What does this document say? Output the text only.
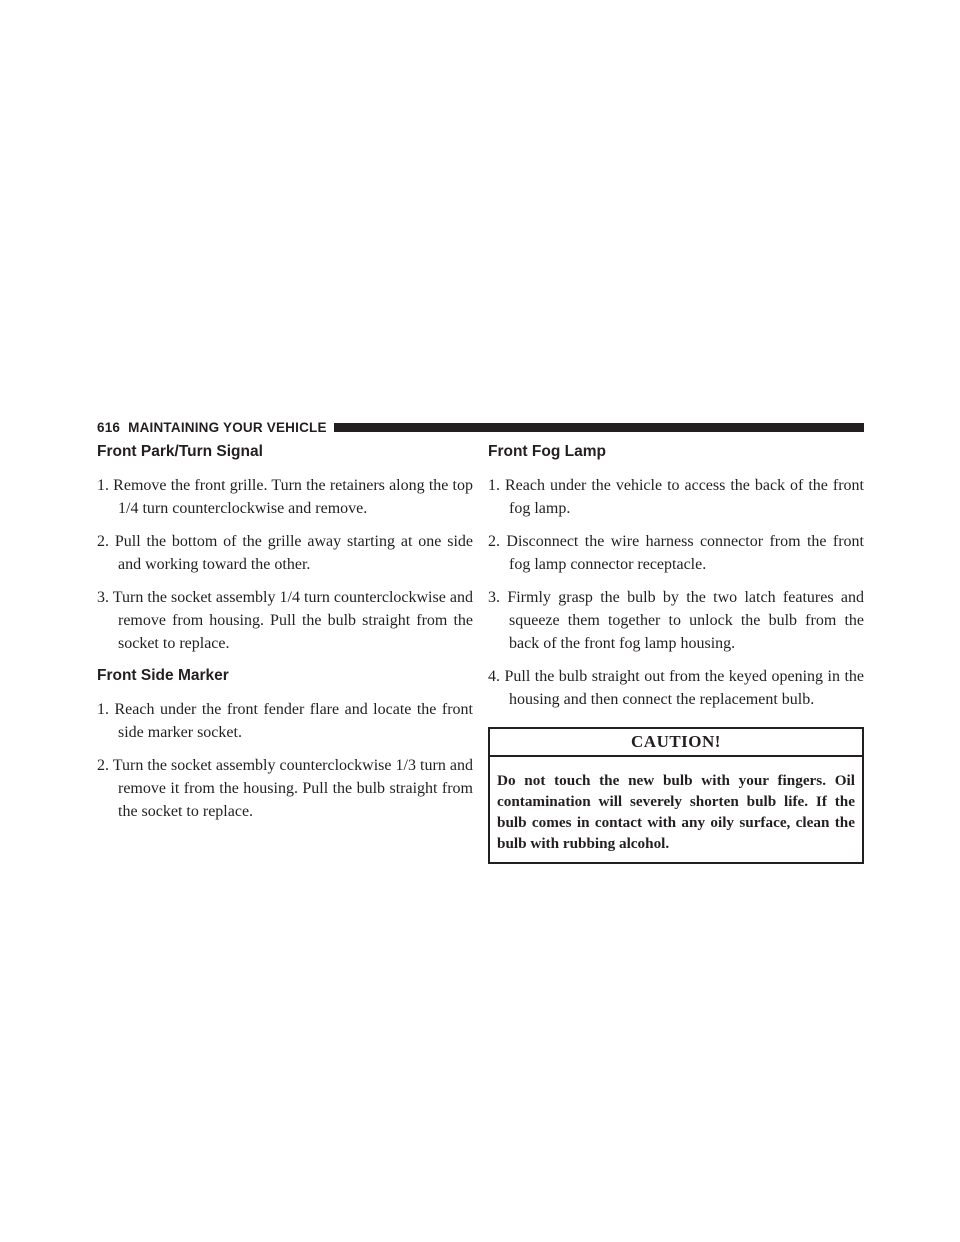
616 MAINTAINING YOUR VEHICLE
Front Park/Turn Signal
1. Remove the front grille. Turn the retainers along the top 1/4 turn counterclockwise and remove.
2. Pull the bottom of the grille away starting at one side and working toward the other.
3. Turn the socket assembly 1/4 turn counterclockwise and remove from housing. Pull the bulb straight from the socket to replace.
Front Side Marker
1. Reach under the front fender flare and locate the front side marker socket.
2. Turn the socket assembly counterclockwise 1/3 turn and remove it from the housing. Pull the bulb straight from the socket to replace.
Front Fog Lamp
1. Reach under the vehicle to access the back of the front fog lamp.
2. Disconnect the wire harness connector from the front fog lamp connector receptacle.
3. Firmly grasp the bulb by the two latch features and squeeze them together to unlock the bulb from the back of the front fog lamp housing.
4. Pull the bulb straight out from the keyed opening in the housing and then connect the replacement bulb.
CAUTION!
Do not touch the new bulb with your fingers. Oil contamination will severely shorten bulb life. If the bulb comes in contact with any oily surface, clean the bulb with rubbing alcohol.
